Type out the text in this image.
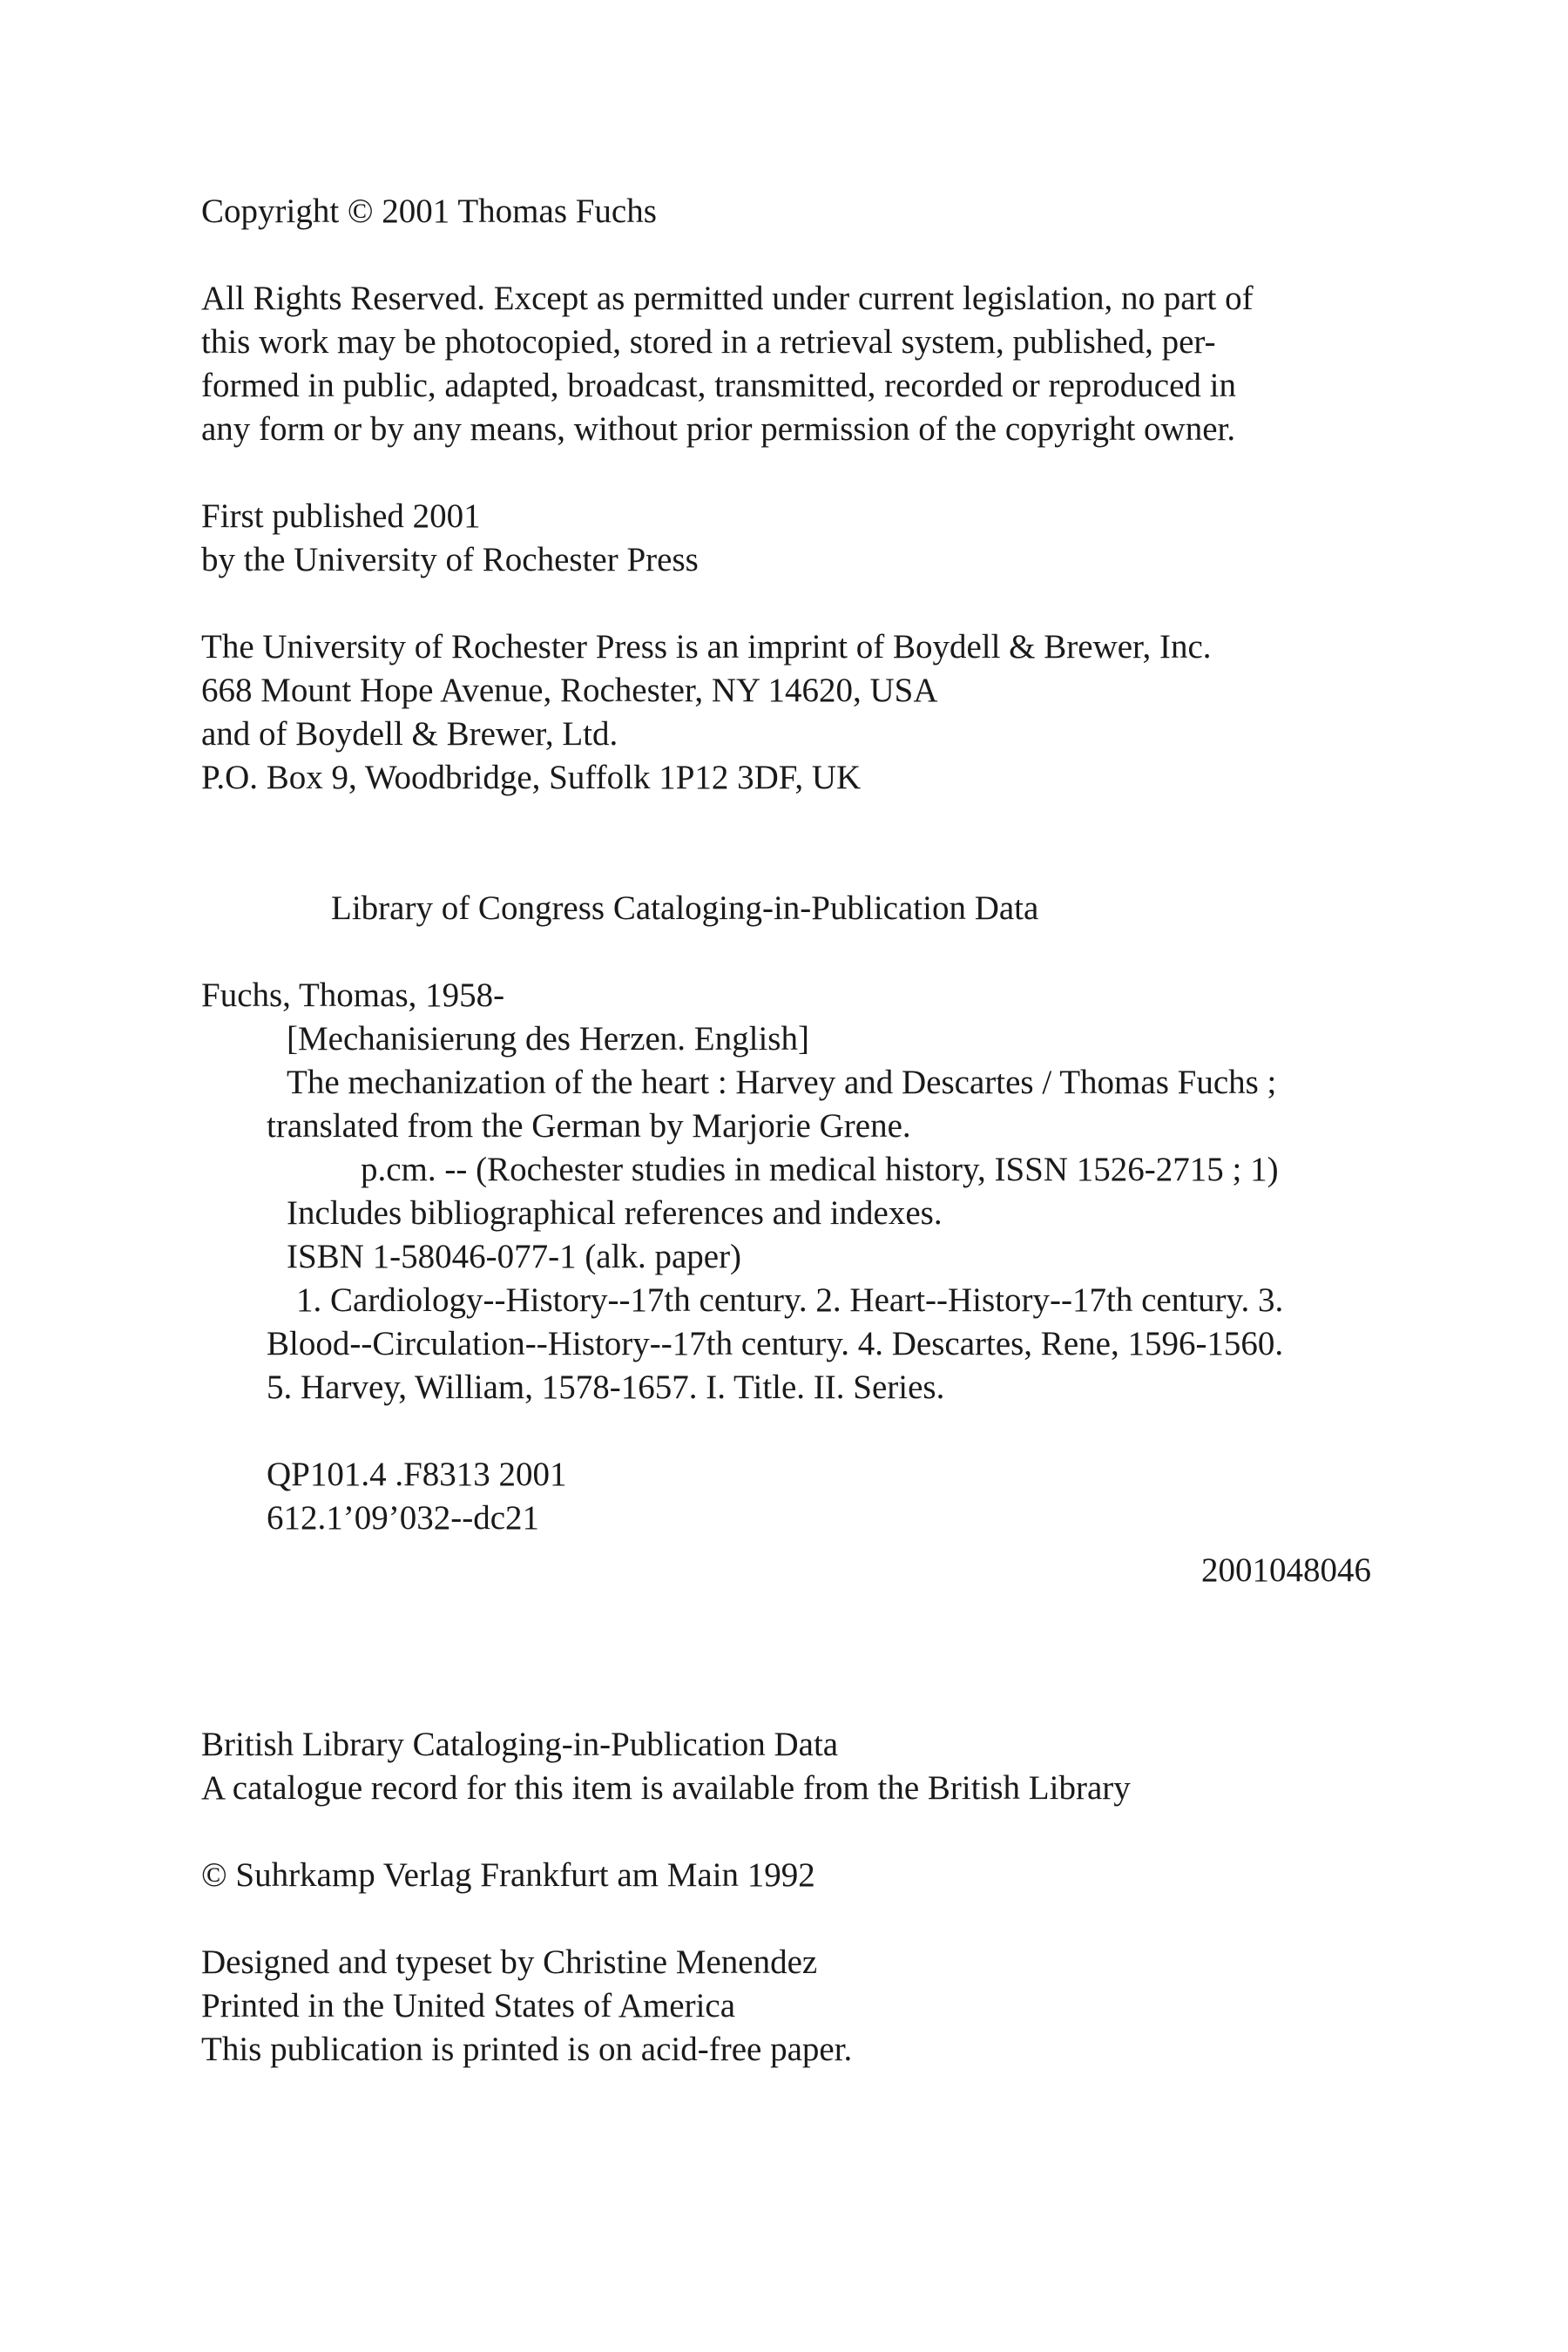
Copyright © 2001 Thomas Fuchs
All Rights Reserved. Except as permitted under current legislation, no part of
this work may be photocopied, stored in a retrieval system, published, per-
formed in public, adapted, broadcast, transmitted, recorded or reproduced in
any form or by any means, without prior permission of the copyright owner.
First published 2001
by the University of Rochester Press
The University of Rochester Press is an imprint of Boydell & Brewer, Inc.
668 Mount Hope Avenue, Rochester, NY 14620, USA
and of Boydell & Brewer, Ltd.
P.O. Box 9, Woodbridge, Suffolk 1P12 3DF, UK
Library of Congress Cataloging-in-Publication Data
Fuchs, Thomas, 1958-
[Mechanisierung des Herzen. English]
The mechanization of the heart : Harvey and Descartes / Thomas Fuchs ;
translated from the German by Marjorie Grene.
p.cm. -- (Rochester studies in medical history, ISSN 1526-2715 ; 1)
Includes bibliographical references and indexes.
ISBN 1-58046-077-1 (alk. paper)
1. Cardiology--History--17th century. 2. Heart--History--17th century. 3.
Blood--Circulation--History--17th century. 4. Descartes, Rene, 1596-1560.
5. Harvey, William, 1578-1657. I. Title. II. Series.
QP101.4 .F8313 2001
612.1’09’032--dc21
2001048046
British Library Cataloging-in-Publication Data
A catalogue record for this item is available from the British Library
© Suhrkamp Verlag Frankfurt am Main 1992
Designed and typeset by Christine Menendez
Printed in the United States of America
This publication is printed is on acid-free paper.
